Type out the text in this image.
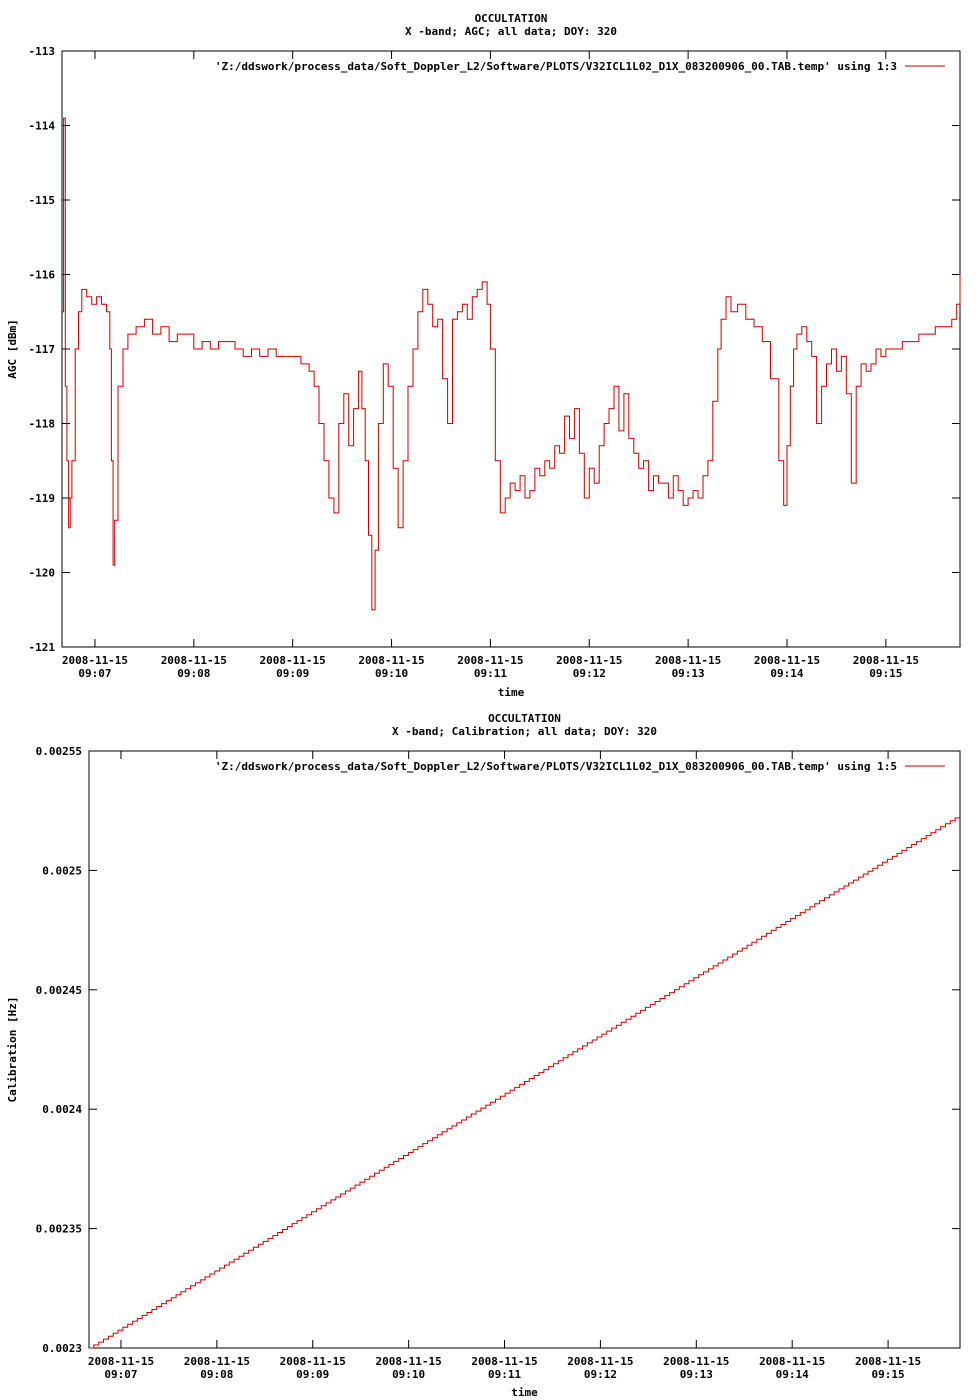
OCCULTATION
X -band; AGC; all data; DOY: 320
-113
-114
-115
-116
-117
-118
-119
-120
-121
2008-11-15
09:07
2008-11-15
09:08
2008-11-15
09:09
2008-11-15
09:10
2008-11-15
09:11
2008-11-15
09:12
2008-11-15
09:13
2008-11-15
09:14
2008-11-15
09:15
time
AGC [dBm]
'Z:/ddswork/process_data/Soft_Doppler_L2/Software/PLOTS/V32ICL1L02_D1X_083200906_00.TAB.temp' using 1:3
OCCULTATION
X -band; Calibration; all data; DOY: 320
0.0023
0.00235
0.0024
0.00245
0.0025
0.00255
2008-11-15
09:07
2008-11-15
09:08
2008-11-15
09:09
2008-11-15
09:10
2008-11-15
09:11
2008-11-15
09:12
2008-11-15
09:13
2008-11-15
09:14
2008-11-15
09:15
time
Calibration [Hz]
'Z:/ddswork/process_data/Soft_Doppler_L2/Software/PLOTS/V32ICL1L02_D1X_083200906_00.TAB.temp' using 1:5
